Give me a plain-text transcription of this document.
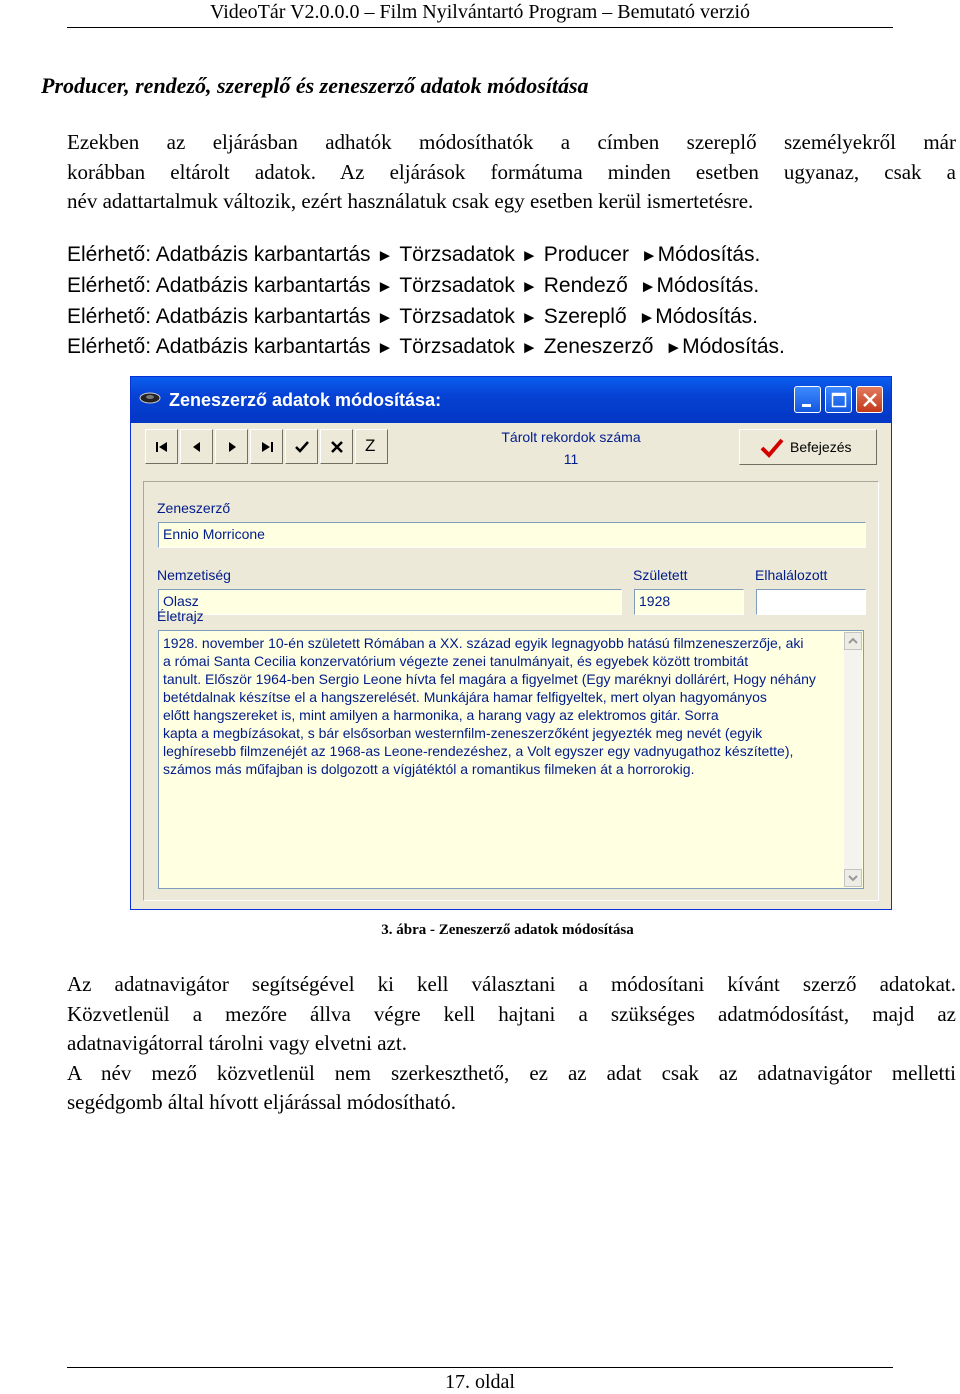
VideoTár V2.0.0.0 – Film Nyilvántartó Program – Bemutató verzió
Producer, rendező, szereplő és zeneszerző adatok módosítása
Ezekben az eljárásban adhatók módosíthatók a címben szereplő személyekről már
korábban eltárolt adatok. Az eljárások formátuma minden esetben ugyanaz, csak a
név adattartalmuk változik, ezért használatuk csak egy esetben kerül ismertetésre.
Elérhető: Adatbázis karbantartás ► Törzsadatok ► Producer ►Módosítás.
Elérhető: Adatbázis karbantartás ► Törzsadatok ► Rendező ►Módosítás.
Elérhető: Adatbázis karbantartás ► Törzsadatok ► Szereplő ►Módosítás.
Elérhető: Adatbázis karbantartás ► Törzsadatok ► Zeneszerző ►Módosítás.
Zeneszerző adatok módosítása:
Z	Tárolt rekordok száma
11
Befejezés
Zeneszerző
Ennio Morricone
Nemzetiség
Olasz
Született
1928
Elhalálozott
Életrajz
1928. november 10-én született Rómában a XX. század egyik legnagyobb hatású filmzeneszerzője, aki
a római Santa Cecilia konzervatórium végezte zenei tanulmányait, és egyebek között trombitát
tanult. Először 1964-ben Sergio Leone hívta fel magára a figyelmet (Egy maréknyi dollárért, Hogy néhány
betétdalnak készítse el a hangszerelését. Munkájára hamar felfigyeltek, mert olyan hagyományos
előtt hangszereket is, mint amilyen a harmonika, a harang vagy az elektromos gitár. Sorra
kapta a megbízásokat, s bár elsősorban westernfilm-zeneszerzőként jegyezték meg nevét (egyik
leghíresebb filmzenéjét az 1968-as Leone-rendezéshez, a Volt egyszer egy vadnyugathoz készítette),
számos más műfajban is dolgozott a vígjátéktól a romantikus filmeken át a horrorokig.
3. ábra - Zeneszerző adatok módosítása
Az adatnavigátor segítségével ki kell választani a módosítani kívánt szerző adatokat.
Közvetlenül a mezőre állva végre kell hajtani a szükséges adatmódosítást, majd az
adatnavigátorral tárolni vagy elvetni azt.
A név mező közvetlenül nem szerkeszthető, ez az adat csak az adatnavigátor melletti
segédgomb által hívott eljárással módosítható.
17. oldal
